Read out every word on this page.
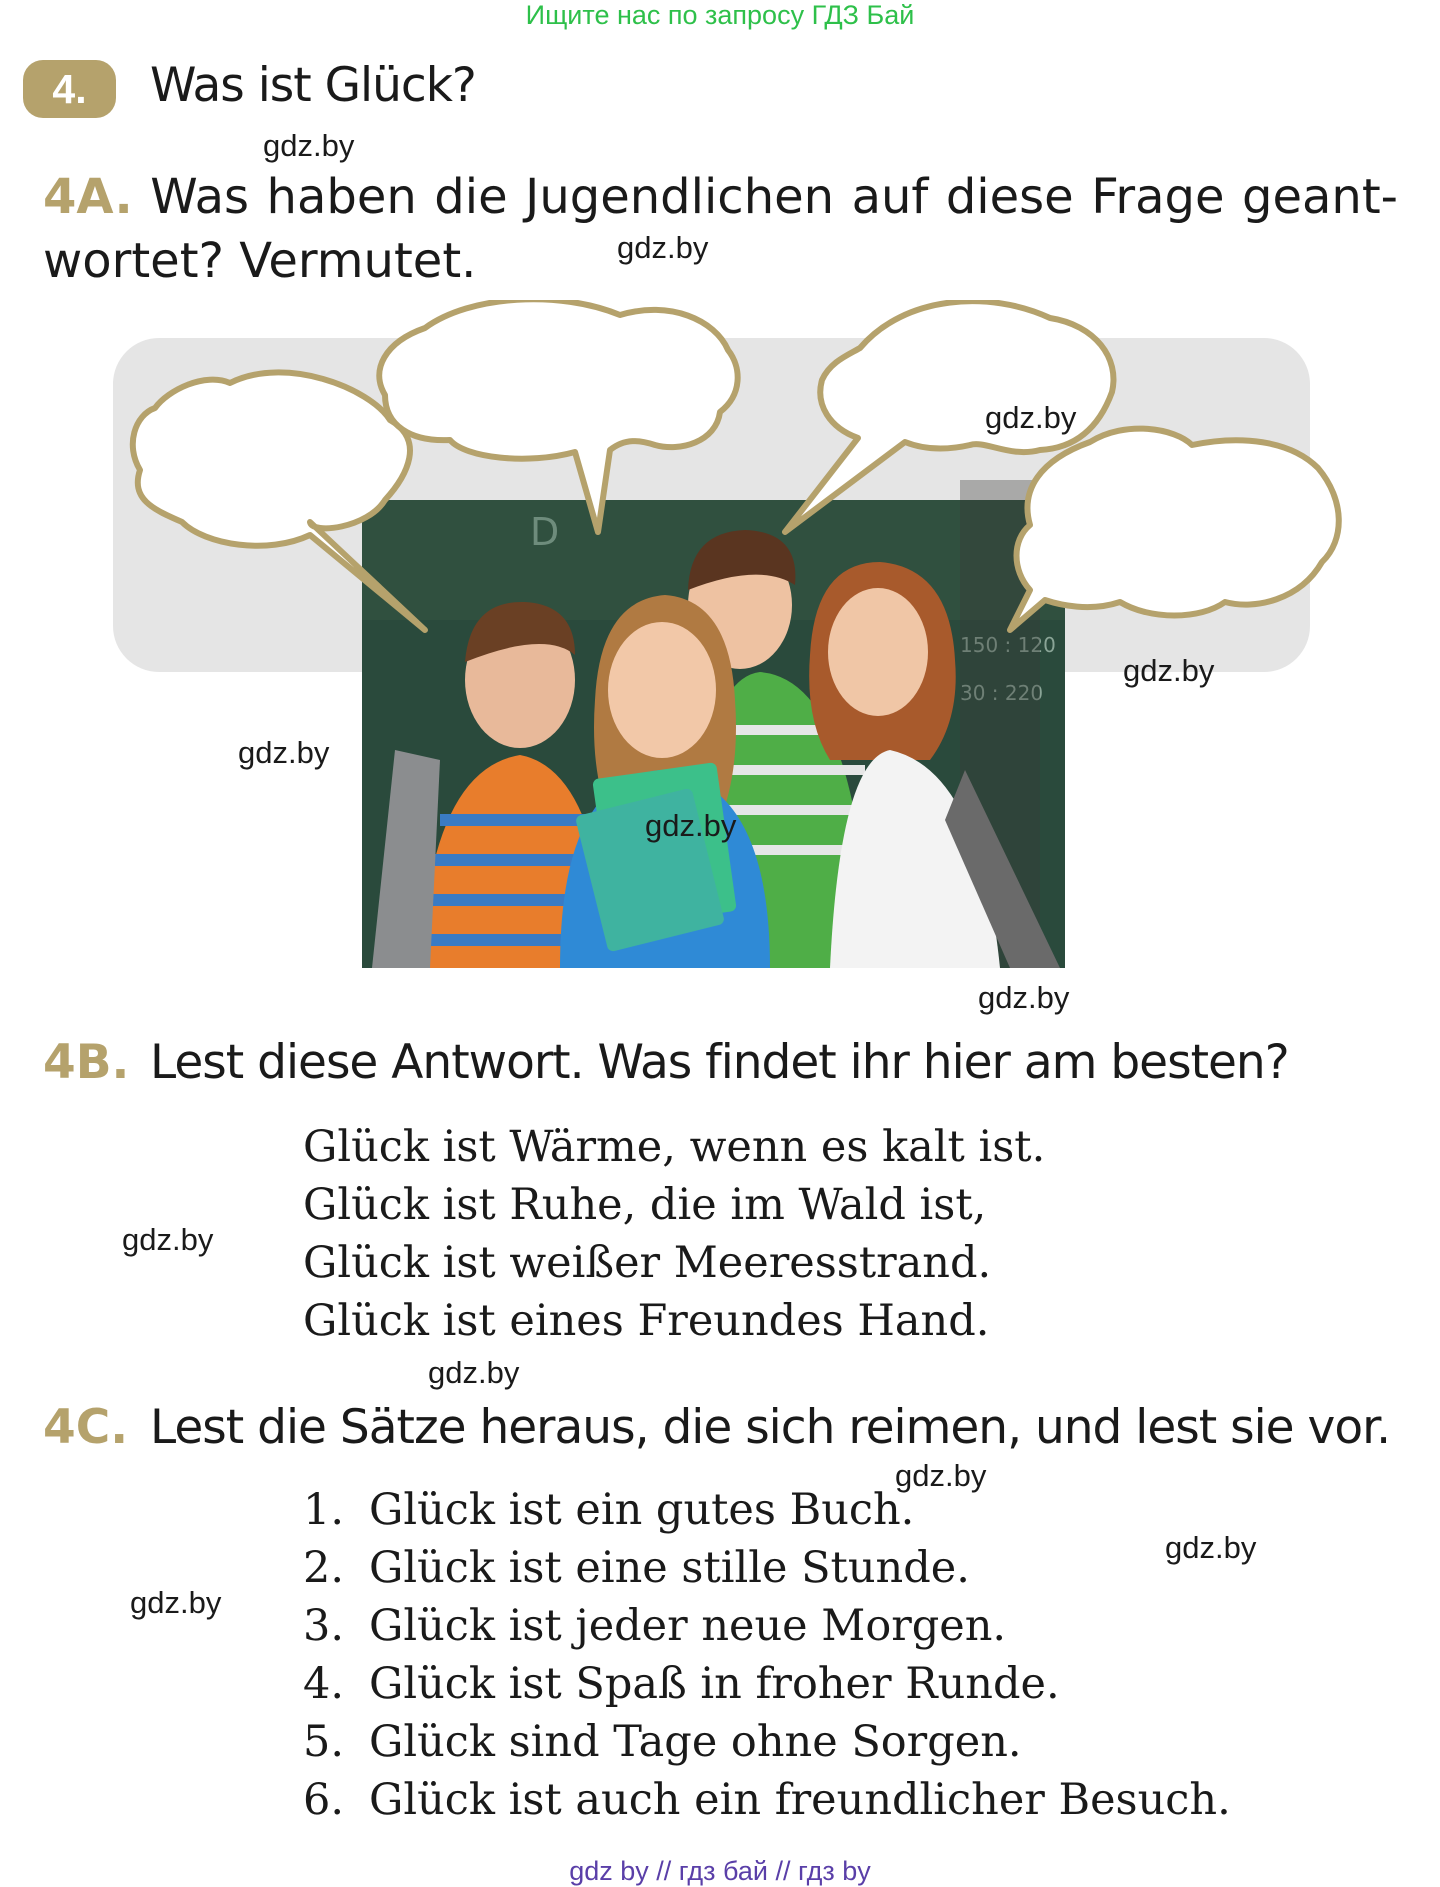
Ищите нас по запросу ГДЗ Бай
4.	Was ist Glück?
gdz.by
gdz.by
4A. Was haben die Jugendlichen auf diese Frage geant-
wortet? Vermutet.
D
150 : 120
30 : 220
gdz.by
gdz.by
gdz.by
gdz.by
gdz.by
4B. Lest diese Antwort. Was findet ihr hier am besten?
Glück ist Wärme, wenn es kalt ist.
Glück ist Ruhe, die im Wald ist,
Glück ist weißer Meeresstrand.
Glück ist eines Freundes Hand.
gdz.by
gdz.by
4C. Lest die Sätze heraus, die sich reimen, und lest sie vor.
gdz.by
gdz.by
gdz.by
1. Glück ist ein gutes Buch.
2. Glück ist eine stille Stunde.
3. Glück ist jeder neue Morgen.
4. Glück ist Spaß in froher Runde.
5. Glück sind Tage ohne Sorgen.
6. Glück ist auch ein freundlicher Besuch.
gdz by // гдз бай // гдз by
